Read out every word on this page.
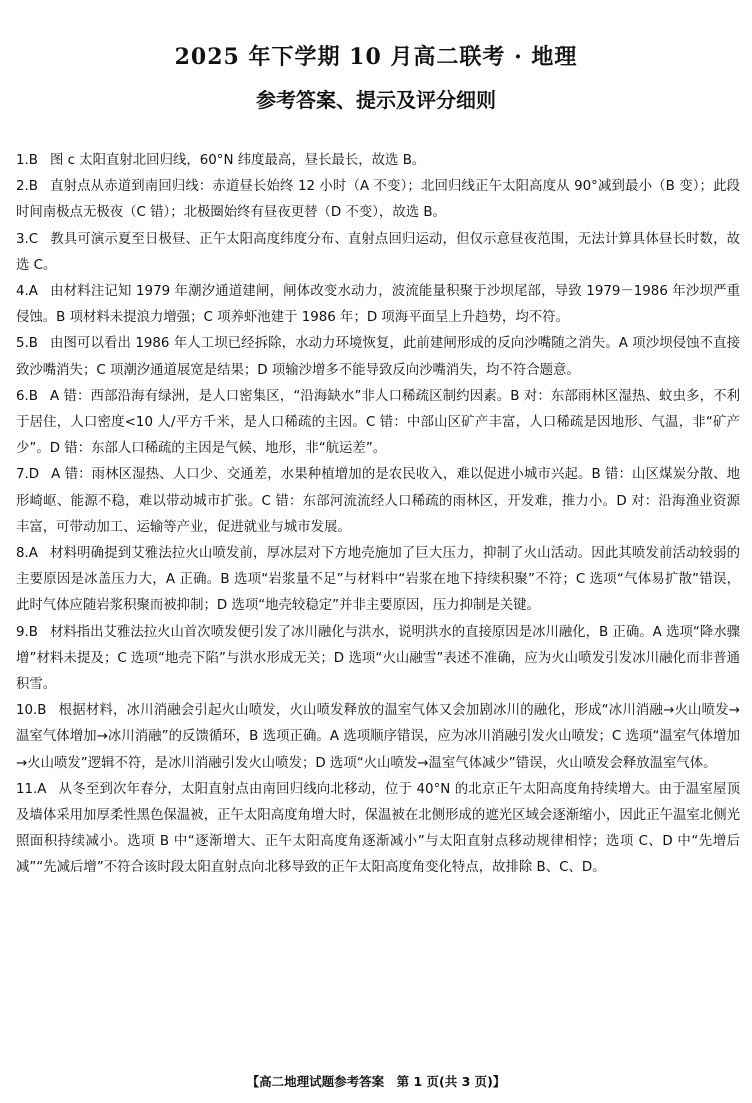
2025 年下学期 10 月高二联考 · 地理
参考答案、提示及评分细则

1.B 图 c 太阳直射北回归线，60°N 纬度最高，昼长最长，故选 B。

2.B 直射点从赤道到南回归线：赤道昼长始终 12 小时（A 不变）；北回归线正午太阳高度从 90°减到最小（B 变）；此段时间南极点无极夜（C 错）；北极圈始终有昼夜更替（D 不变），故选 B。

3.C 教具可演示夏至日极昼、正午太阳高度纬度分布、直射点回归运动，但仅示意昼夜范围，无法计算具体昼长时数，故选 C。

4.A 由材料注记知 1979 年潮汐通道建闸，闸体改变水动力，波流能量积聚于沙坝尾部，导致 1979－1986 年沙坝严重侵蚀。B 项材料未提浪力增强；C 项养虾池建于 1986 年；D 项海平面呈上升趋势，均不符。

5.B 由图可以看出 1986 年人工坝已经拆除，水动力环境恢复，此前建闸形成的反向沙嘴随之消失。A 项沙坝侵蚀不直接致沙嘴消失；C 项潮汐通道展宽是结果；D 项输沙增多不能导致反向沙嘴消失，均不符合题意。

6.B A 错：西部沿海有绿洲，是人口密集区，“沿海缺水”非人口稀疏区制约因素。B 对：东部雨林区湿热、蚊虫多，不利于居住，人口密度<10 人/平方千米，是人口稀疏的主因。C 错：中部山区矿产丰富，人口稀疏是因地形、气温，非“矿产少”。D 错：东部人口稀疏的主因是气候、地形，非“航运差”。

7.D A 错：雨林区湿热、人口少、交通差，水果种植增加的是农民收入，难以促进小城市兴起。B 错：山区煤炭分散、地形崎岖、能源不稳，难以带动城市扩张。C 错：东部河流流经人口稀疏的雨林区，开发难，推力小。D 对：沿海渔业资源丰富，可带动加工、运输等产业，促进就业与城市发展。

8.A 材料明确提到艾雅法拉火山喷发前，厚冰层对下方地壳施加了巨大压力，抑制了火山活动。因此其喷发前活动较弱的主要原因是冰盖压力大，A 正确。B 选项“岩浆量不足”与材料中“岩浆在地下持续积聚”不符；C 选项“气体易扩散”错误，此时气体应随岩浆积聚而被抑制；D 选项“地壳较稳定”并非主要原因，压力抑制是关键。

9.B 材料指出艾雅法拉火山首次喷发便引发了冰川融化与洪水，说明洪水的直接原因是冰川融化，B 正确。A 选项“降水骤增”材料未提及；C 选项“地壳下陷”与洪水形成无关；D 选项“火山融雪”表述不准确，应为火山喷发引发冰川融化而非普通积雪。

10.B 根据材料，冰川消融会引起火山喷发，火山喷发释放的温室气体又会加剧冰川的融化，形成“冰川消融→火山喷发→温室气体增加→冰川消融”的反馈循环，B 选项正确。A 选项顺序错误，应为冰川消融引发火山喷发；C 选项“温室气体增加→火山喷发”逻辑不符，是冰川消融引发火山喷发；D 选项“火山喷发→温室气体减少”错误，火山喷发会释放温室气体。

11.A 从冬至到次年春分，太阳直射点由南回归线向北移动，位于 40°N 的北京正午太阳高度角持续增大。由于温室屋顶及墙体采用加厚柔性黑色保温被，正午太阳高度角增大时，保温被在北侧形成的遮光区域会逐渐缩小，因此正午温室北侧光照面积持续减小。选项 B 中“逐渐增大、正午太阳高度角逐渐减小”与太阳直射点移动规律相悖；选项 C、D 中“先增后减”“先减后增”不符合该时段太阳直射点向北移导致的正午太阳高度角变化特点，故排除 B、C、D。

【高二地理试题参考答案　第 1 页(共 3 页)】
